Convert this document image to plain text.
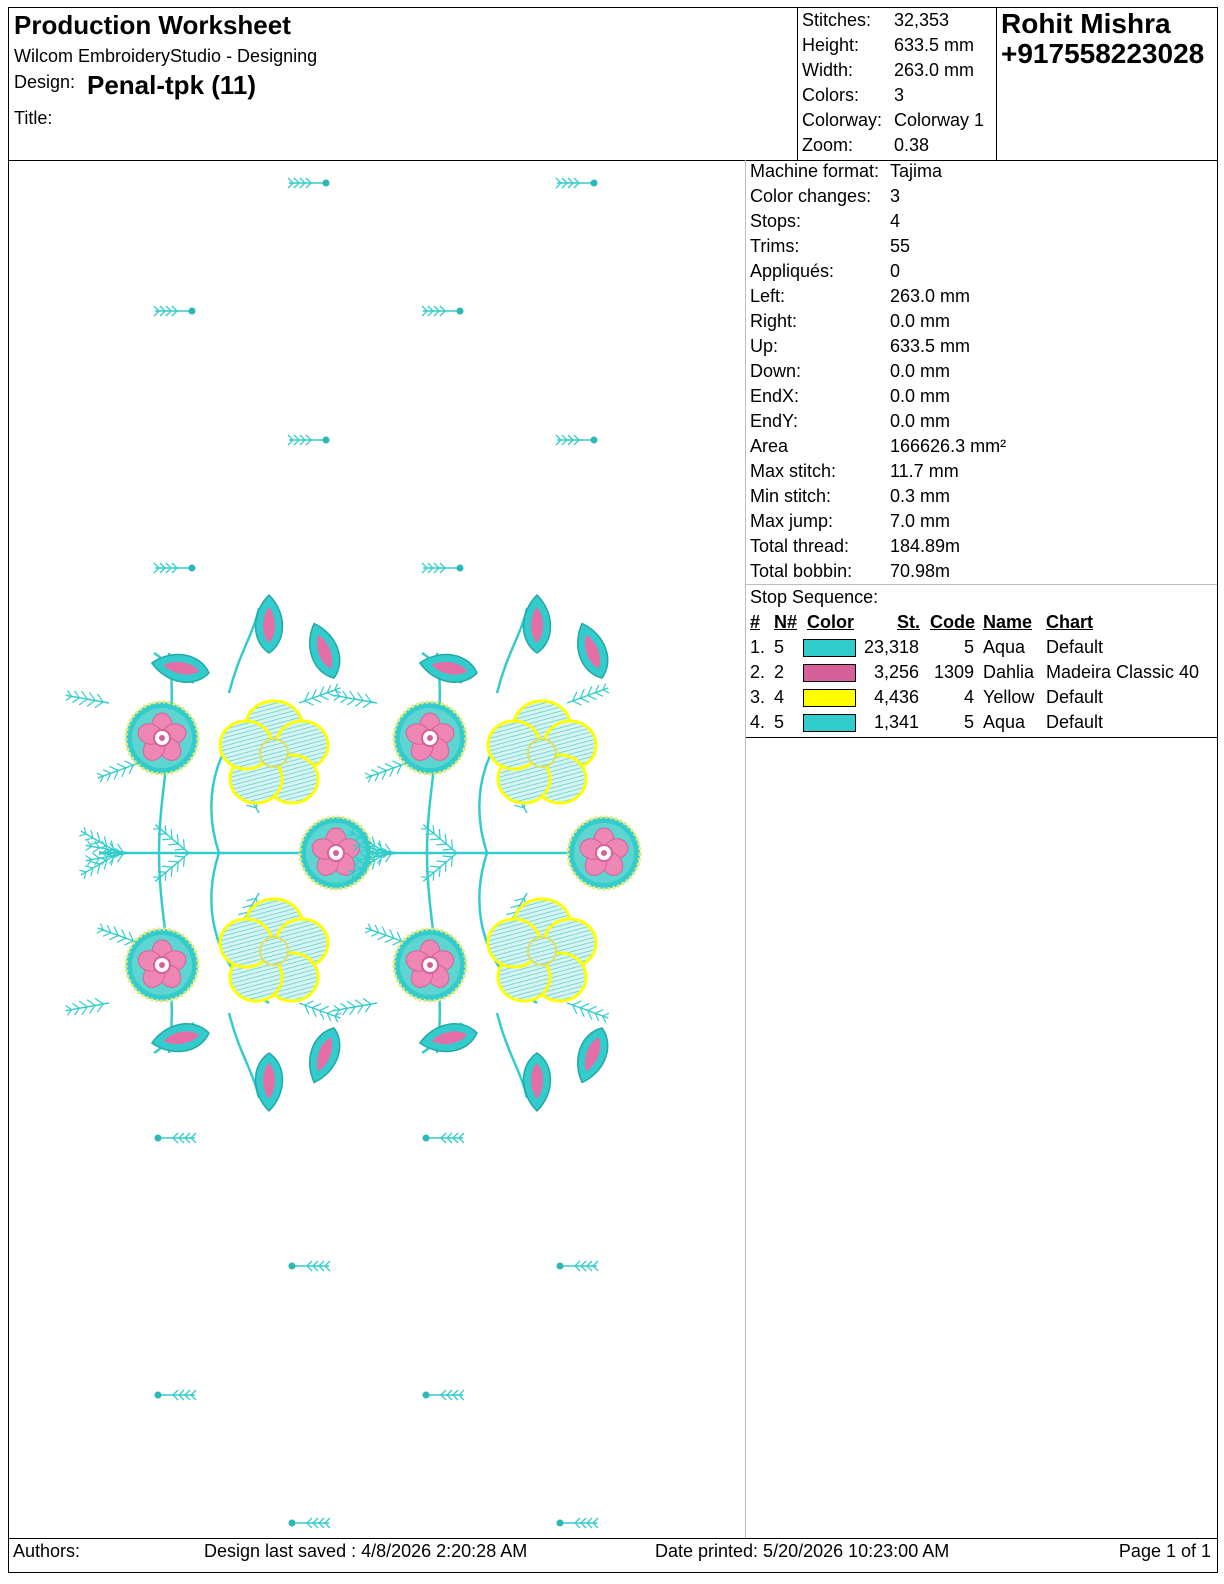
Production Worksheet
Wilcom EmbroideryStudio - Designing
Design: Penal-tpk (11)
Title:
Stitches: 32,353
Height: 633.5 mm
Width: 263.0 mm
Colors: 3
Colorway: Colorway 1
Zoom: 0.38
Rohit Mishra
+917558223028
Machine format: Tajima
Color changes: 3
Stops:	4
Trims:	55
Appliqués:	0
Left:	263.0 mm
Right:	0.0 mm
Up:	633.5 mm
Down:	0.0 mm
EndX:	0.0 mm
EndY:	0.0 mm
Area	166626.3 mm²
Max stitch:	11.7 mm
Min stitch:	0.3 mm
Max jump:	7.0 mm
Total thread: 184.89m
Total bobbin: 70.98m
Stop Sequence:
# N# Color St. Code Name Chart
1. 5	23,318	5 Aqua Default
2. 2	3,256 1309 Dahlia Madeira Classic 40
3. 4	4,436	4 Yellow Default
4. 5	1,341	5 Aqua Default
Authors:	Design last saved : 4/8/2026 2:20:28 AM	Date printed: 5/20/2026 10:23:00 AM	Page 1 of 1
